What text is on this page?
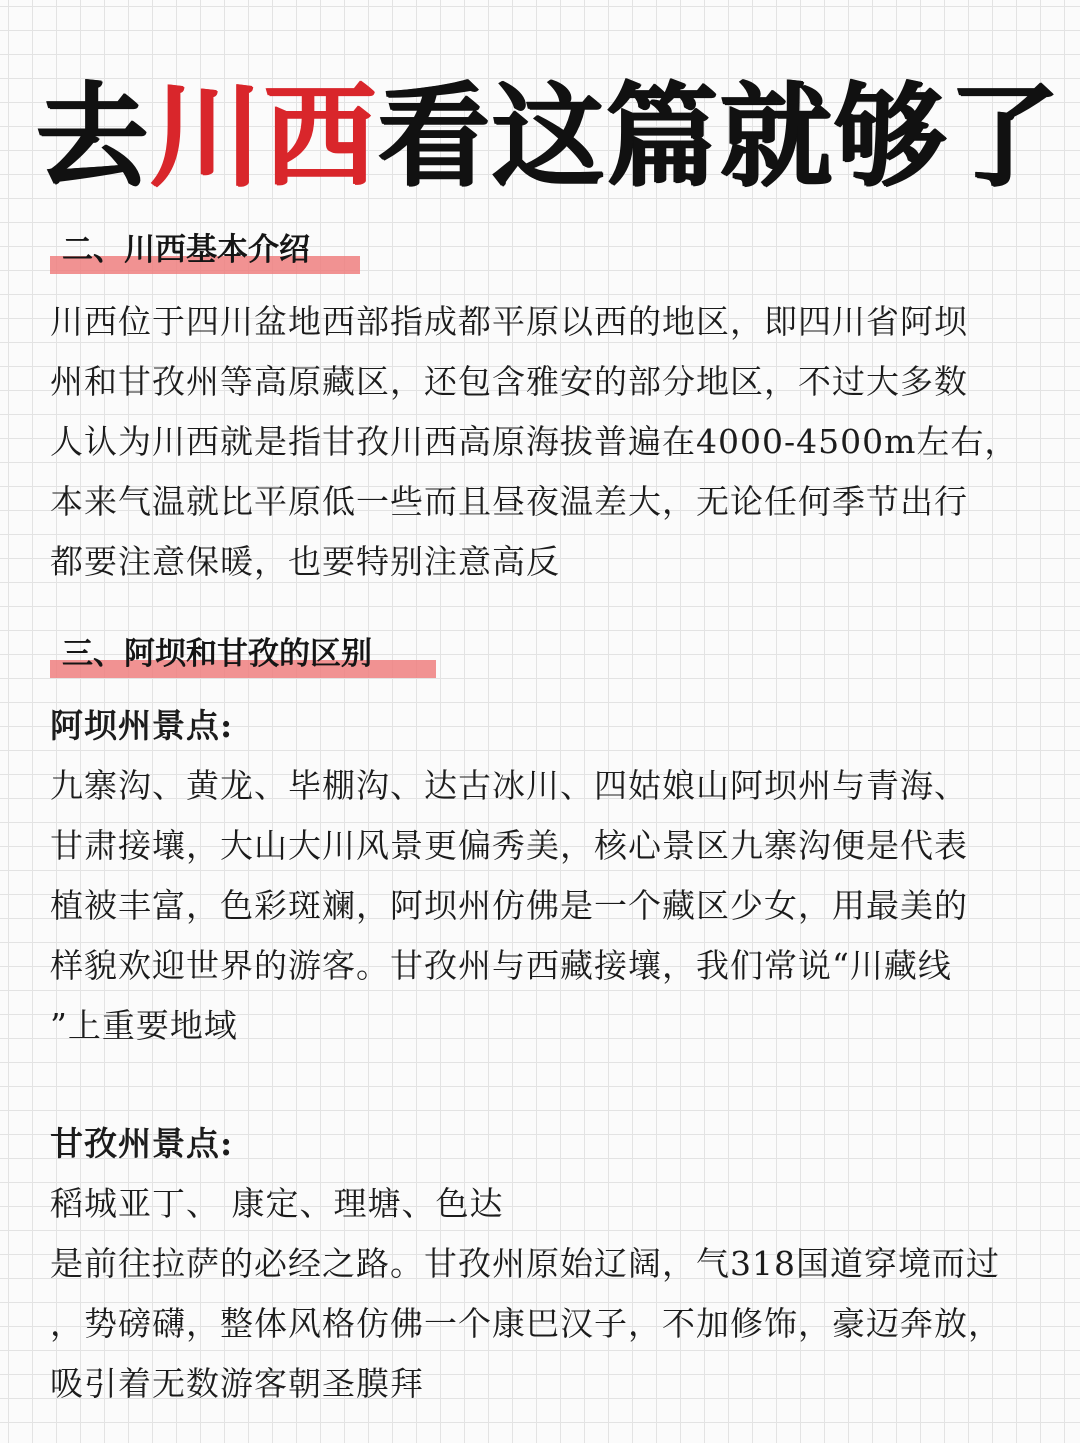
去川西看这篇就够了
二、川西基本介绍
川西位于四川盆地西部指成都平原以西的地区，即四川省阿坝
州和甘孜州等高原藏区，还包含雅安的部分地区，不过大多数
人认为川西就是指甘孜川西高原海拔普遍在4000-4500m左右，
本来气温就比平原低一些而且昼夜温差大，无论任何季节出行
都要注意保暖，也要特别注意高反
三、阿坝和甘孜的区别
阿坝州景点:
九寨沟、黄龙、毕棚沟、达古冰川、四姑娘山阿坝州与青海、
甘肃接壤，大山大川风景更偏秀美，核心景区九寨沟便是代表
植被丰富，色彩斑斓，阿坝州仿佛是一个藏区少女，用最美的
样貌欢迎世界的游客。甘孜州与西藏接壤，我们常说“川藏线
”上重要地域
甘孜州景点:
稻城亚丁、 康定、理塘、色达
是前往拉萨的必经之路。甘孜州原始辽阔，气318国道穿境而过
，势磅礴，整体风格仿佛一个康巴汉子，不加修饰，豪迈奔放，
吸引着无数游客朝圣膜拜
